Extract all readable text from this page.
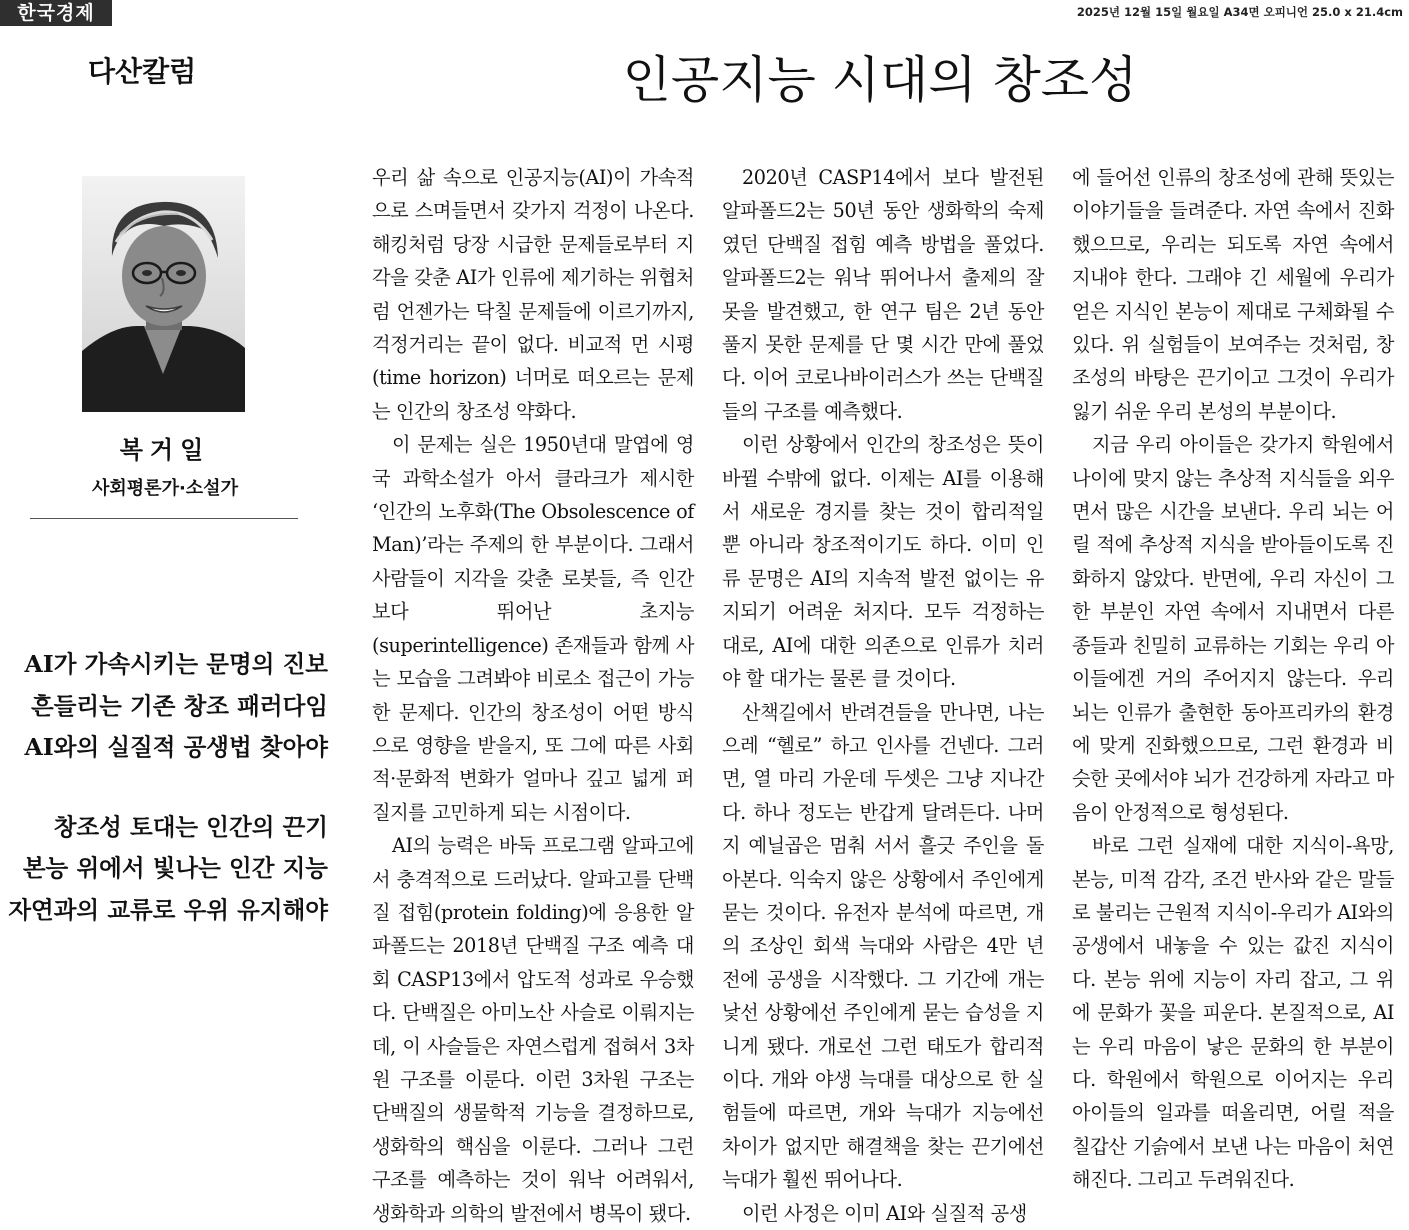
한국경제	2025년 12월 15일 월요일 A34면 오피니언 25.0 x 21.4cm
다산칼럼	인공지능 시대의 창조성
복거일
사회평론가·소설가
AI가 가속시키는 문명의 진보
흔들리는 기존 창조 패러다임
AI와의 실질적 공생법 찾아야
창조성 토대는 인간의 끈기
본능 위에서 빛나는 인간 지능
자연과의 교류로 우위 유지해야

우리 삶 속으로 인공지능(AI)이 가속적으로 스며들면서 갖가지 걱정이 나온다. 해킹처럼 당장 시급한 문제들로부터 지각을 갖춘 AI가 인류에 제기하는 위협처럼 언젠가는 닥칠 문제들에 이르기까지, 걱정거리는 끝이 없다. 비교적 먼 시평(time horizon) 너머로 떠오르는 문제는 인간의 창조성 약화다.

이 문제는 실은 1950년대 말엽에 영국 과학소설가 아서 클라크가 제시한 ‘인간의 노후화(The Obsolescence of Man)’라는 주제의 한 부분이다. 그래서 사람들이 지각을 갖춘 로봇들, 즉 인간보다 뛰어난 초지능(superintelligence) 존재들과 함께 사는 모습을 그려봐야 비로소 접근이 가능한 문제다. 인간의 창조성이 어떤 방식으로 영향을 받을지, 또 그에 따른 사회적·문화적 변화가 얼마나 깊고 넓게 퍼질지를 고민하게 되는 시점이다.

AI의 능력은 바둑 프로그램 알파고에서 충격적으로 드러났다. 알파고를 단백질 접힘(protein folding)에 응용한 알파폴드는 2018년 단백질 구조 예측 대회 CASP13에서 압도적 성과로 우승했다. 단백질은 아미노산 사슬로 이뤄지는데, 이 사슬들은 자연스럽게 접혀서 3차원 구조를 이룬다. 이런 3차원 구조는 단백질의 생물학적 기능을 결정하므로, 생화학의 핵심을 이룬다. 그러나 그런 구조를 예측하는 것이 워낙 어려워서, 생화학과 의학의 발전에서 병목이 됐다.

2020년 CASP14에서 보다 발전된 알파폴드2는 50년 동안 생화학의 숙제였던 단백질 접힘 예측 방법을 풀었다. 알파폴드2는 워낙 뛰어나서 출제의 잘못을 발견했고, 한 연구 팀은 2년 동안 풀지 못한 문제를 단 몇 시간 만에 풀었다. 이어 코로나바이러스가 쓰는 단백질들의 구조를 예측했다.

이런 상황에서 인간의 창조성은 뜻이 바뀔 수밖에 없다. 이제는 AI를 이용해서 새로운 경지를 찾는 것이 합리적일 뿐 아니라 창조적이기도 하다. 이미 인류 문명은 AI의 지속적 발전 없이는 유지되기 어려운 처지다. 모두 걱정하는 대로, AI에 대한 의존으로 인류가 치러야 할 대가는 물론 클 것이다.

산책길에서 반려견들을 만나면, 나는 으레 “헬로” 하고 인사를 건넨다. 그러면, 열 마리 가운데 두셋은 그냥 지나간다. 하나 정도는 반갑게 달려든다. 나머지 예닐곱은 멈춰 서서 흘긋 주인을 돌아본다. 익숙지 않은 상황에서 주인에게 묻는 것이다. 유전자 분석에 따르면, 개의 조상인 회색 늑대와 사람은 4만 년 전에 공생을 시작했다. 그 기간에 개는 낯선 상황에선 주인에게 묻는 습성을 지니게 됐다. 개로선 그런 태도가 합리적이다. 개와 야생 늑대를 대상으로 한 실험들에 따르면, 개와 늑대가 지능에선 차이가 없지만 해결책을 찾는 끈기에선 늑대가 훨씬 뛰어나다.

이런 사정은 이미 AI와 실질적 공생

에 들어선 인류의 창조성에 관해 뜻있는 이야기들을 들려준다. 자연 속에서 진화했으므로, 우리는 되도록 자연 속에서 지내야 한다. 그래야 긴 세월에 우리가 얻은 지식인 본능이 제대로 구체화될 수 있다. 위 실험들이 보여주는 것처럼, 창조성의 바탕은 끈기이고 그것이 우리가 잃기 쉬운 우리 본성의 부분이다.

지금 우리 아이들은 갖가지 학원에서 나이에 맞지 않는 추상적 지식들을 외우면서 많은 시간을 보낸다. 우리 뇌는 어릴 적에 추상적 지식을 받아들이도록 진화하지 않았다. 반면에, 우리 자신이 그 한 부분인 자연 속에서 지내면서 다른 종들과 친밀히 교류하는 기회는 우리 아이들에겐 거의 주어지지 않는다. 우리 뇌는 인류가 출현한 동아프리카의 환경에 맞게 진화했으므로, 그런 환경과 비슷한 곳에서야 뇌가 건강하게 자라고 마음이 안정적으로 형성된다.

바로 그런 실재에 대한 지식이-욕망, 본능, 미적 감각, 조건 반사와 같은 말들로 불리는 근원적 지식이-우리가 AI와의 공생에서 내놓을 수 있는 값진 지식이다. 본능 위에 지능이 자리 잡고, 그 위에 문화가 꽃을 피운다. 본질적으로, AI는 우리 마음이 낳은 문화의 한 부분이다. 학원에서 학원으로 이어지는 우리 아이들의 일과를 떠올리면, 어릴 적을 칠갑산 기슭에서 보낸 나는 마음이 처연해진다. 그리고 두려워진다.
